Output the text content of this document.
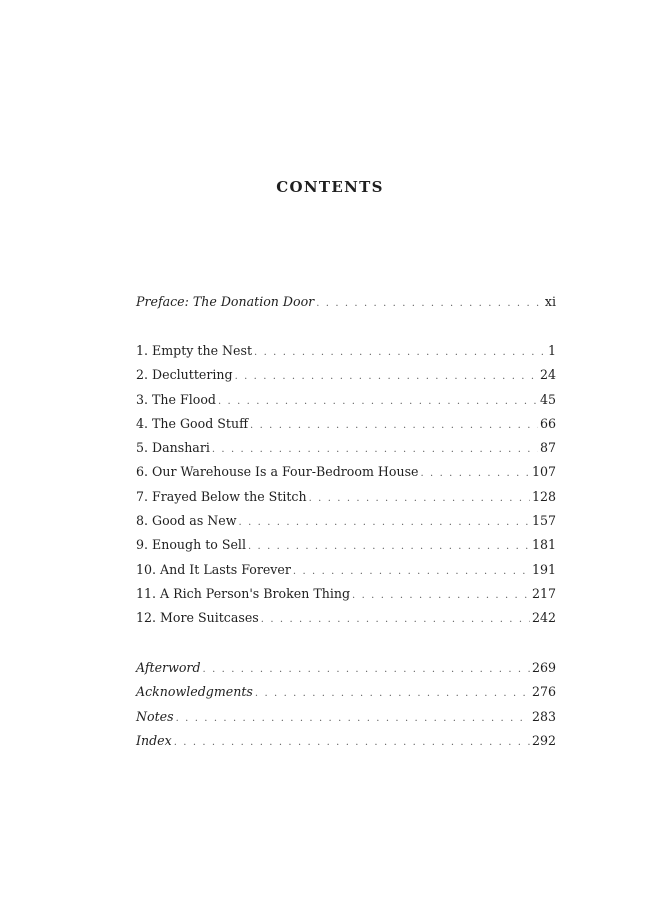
CONTENTS
Preface: The Donation Door . . .	xi
1. Empty the Nest . . .	1
2. Decluttering . . .	24
3. The Flood . . .	45
4. The Good Stuff . . .	66
5. Danshari . . .	87
6. Our Warehouse Is a Four-Bedroom House . . .	107
7. Frayed Below the Stitch . . .	128
8. Good as New . . .	157
9. Enough to Sell . . .	181
10. And It Lasts Forever . . .	191
11. A Rich Person's Broken Thing . . .	217
12. More Suitcases . . .	242
Afterword . . .	269
Acknowledgments . . .	276
Notes . . .	283
Index . . .	292
